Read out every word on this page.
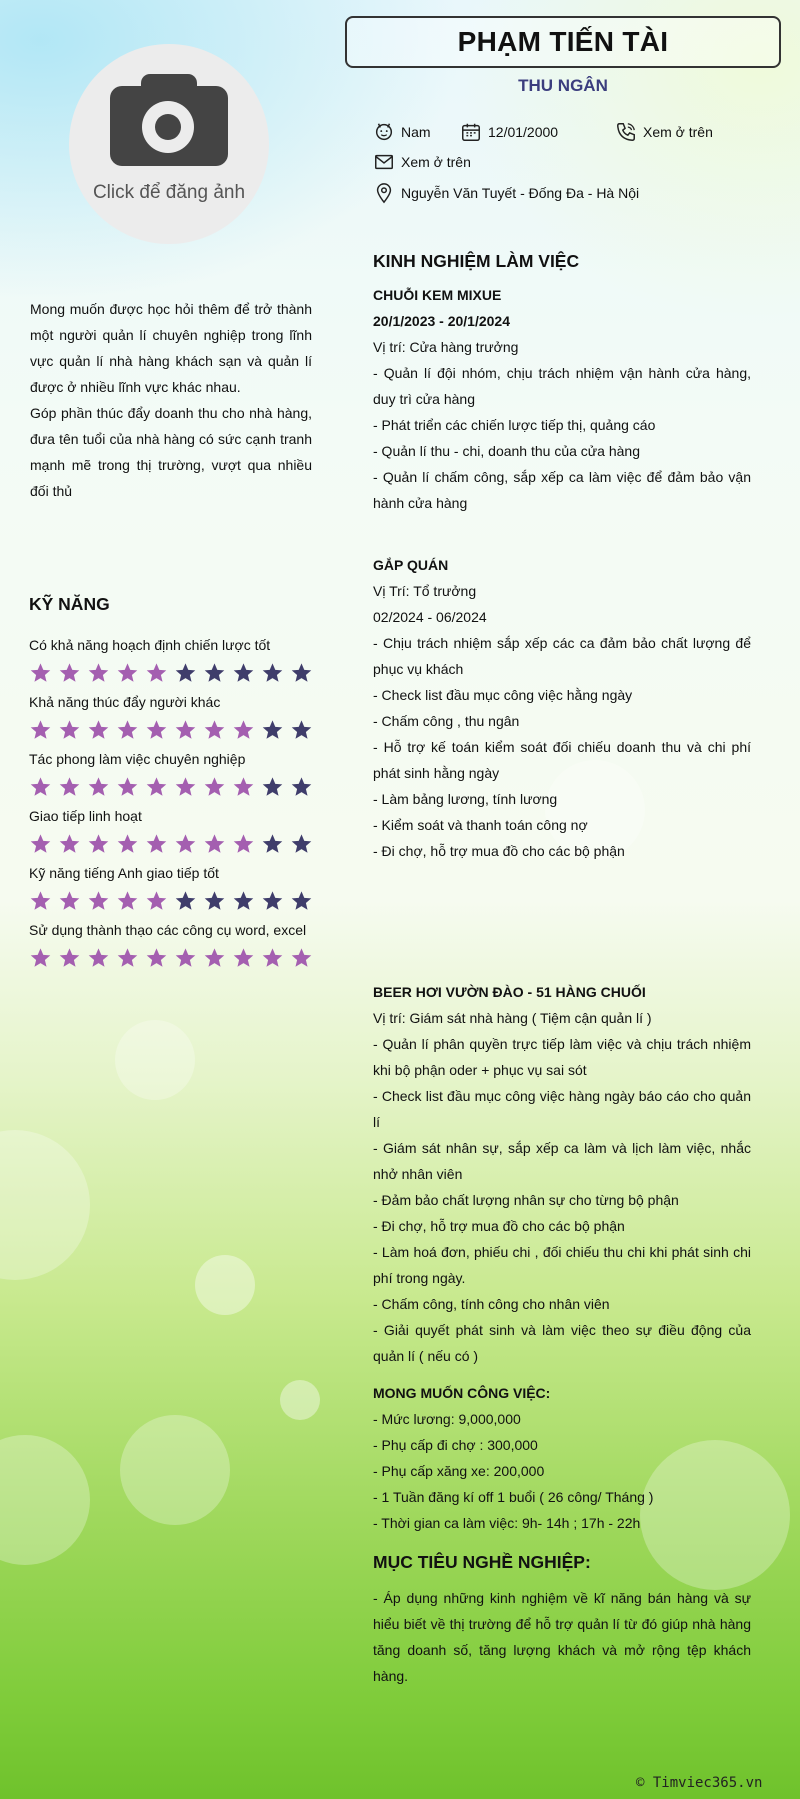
PHẠM TIẾN TÀI
THU NGÂN
Click để đăng ảnh
Nam	12/01/2000	Xem ở trên
Xem ở trên
Nguyễn Văn Tuyết - Đống Đa - Hà Nội

Mong muốn được học hỏi thêm để trở thành một người quản lí chuyên nghiệp trong lĩnh vực quản lí nhà hàng khách sạn và quản lí được ở nhiều lĩnh vực khác nhau.

Góp phần thúc đẩy doanh thu cho nhà hàng, đưa tên tuổi của nhà hàng có sức cạnh tranh mạnh mẽ trong thị trường, vượt qua nhiều đối thủ

KỸ NĂNG
Có khả năng hoạch định chiến lược tốt
Khả năng thúc đẩy người khác
Tác phong làm việc chuyên nghiệp
Giao tiếp linh hoạt
Kỹ năng tiếng Anh giao tiếp tốt
Sử dụng thành thạo các công cụ word, excel
KINH NGHIỆM LÀM VIỆC

CHUỖI KEM MIXUE

20/1/2023 - 20/1/2024

Vị trí: Cửa hàng trưởng

- Quản lí đội nhóm, chịu trách nhiệm vận hành cửa hàng, duy trì cửa hàng

- Phát triển các chiến lược tiếp thị, quảng cáo

- Quản lí thu - chi, doanh thu của cửa hàng

- Quản lí chấm công, sắp xếp ca làm việc để đảm bảo vận hành cửa hàng

GẮP QUÁN

Vị Trí: Tổ trưởng

02/2024 - 06/2024

- Chịu trách nhiệm sắp xếp các ca đảm bảo chất lượng để phục vụ khách

- Check list đầu mục công việc hằng ngày

- Chấm công , thu ngân

- Hỗ trợ kế toán kiểm soát đối chiếu doanh thu và chi phí phát sinh hằng ngày

- Làm bảng lương, tính lương

- Kiểm soát và thanh toán công nợ

- Đi chợ, hỗ trợ mua đồ cho các bộ phận

BEER HƠI VƯỜN ĐÀO - 51 HÀNG CHUỐI

Vị trí: Giám sát nhà hàng ( Tiệm cận quản lí )

- Quản lí phân quyền trực tiếp làm việc và chịu trách nhiệm khi bộ phận oder + phục vụ sai sót

- Check list đầu mục công việc hàng ngày báo cáo cho quản lí

- Giám sát nhân sự, sắp xếp ca làm và lịch làm việc, nhắc nhở nhân viên

- Đảm bảo chất lượng nhân sự cho từng bộ phận

- Đi chợ, hỗ trợ mua đồ cho các bộ phận

- Làm hoá đơn, phiếu chi , đối chiếu thu chi khi phát sinh chi phí trong ngày.

- Chấm công, tính công cho nhân viên

- Giải quyết phát sinh và làm việc theo sự điều động của quản lí ( nếu có )

MONG MUỐN CÔNG VIỆC:

- Mức lương: 9,000,000

- Phụ cấp đi chợ : 300,000

- Phụ cấp xăng xe: 200,000

- 1 Tuần đăng kí off 1 buổi ( 26 công/ Tháng )

- Thời gian ca làm việc: 9h- 14h ; 17h - 22h

MỤC TIÊU NGHỀ NGHIỆP:

- Áp dụng những kinh nghiệm về kĩ năng bán hàng và sự hiểu biết về thị trường để hỗ trợ quản lí từ đó giúp nhà hàng tăng doanh số, tăng lượng khách và mở rộng tệp khách hàng.

© Timviec365.vn
